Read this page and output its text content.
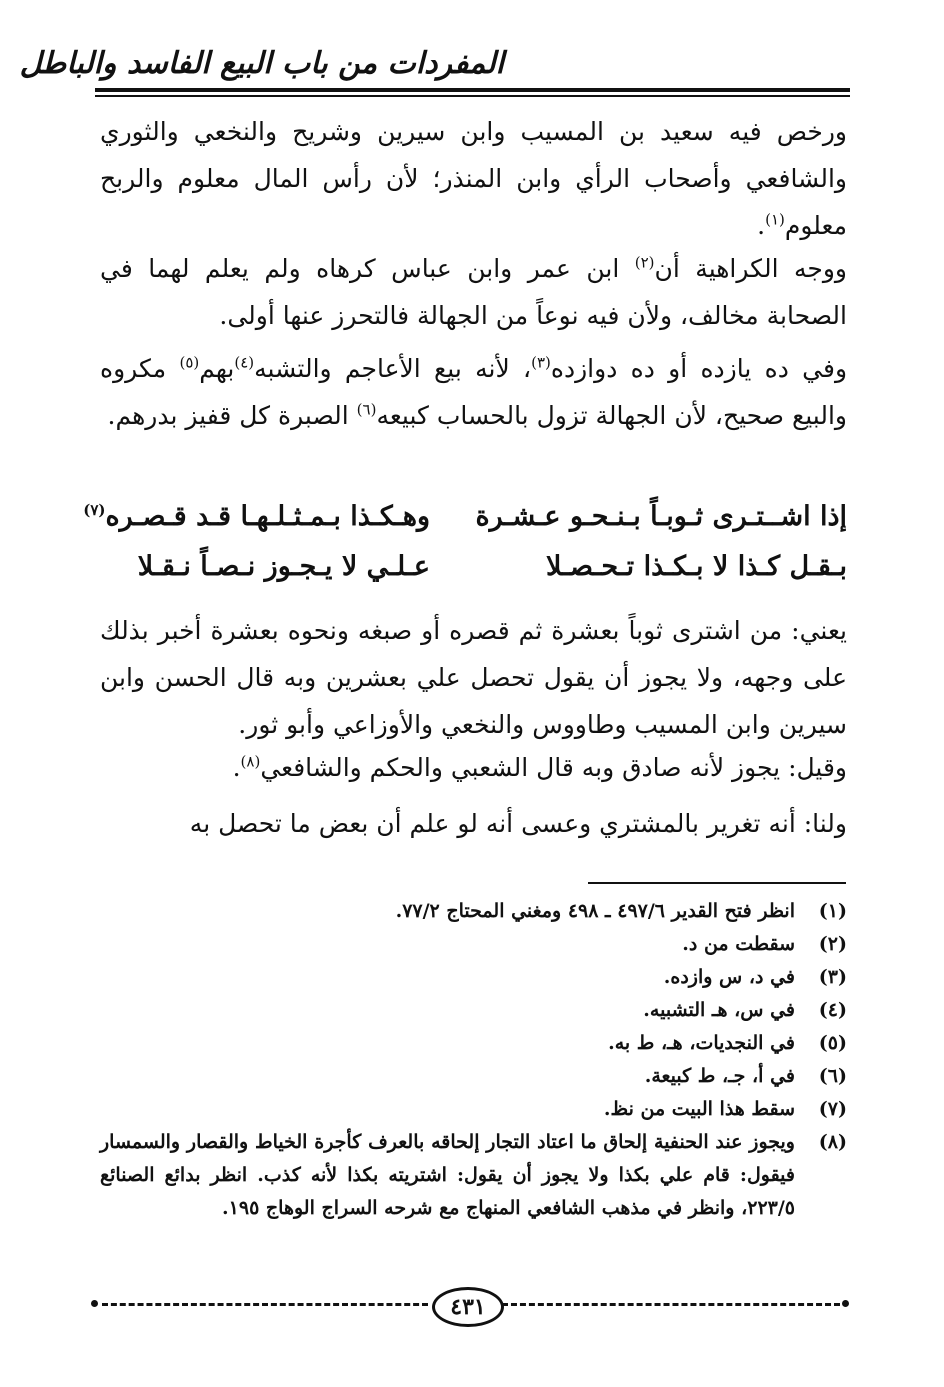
المفردات من باب البيع الفاسد والباطل

ورخص فيه سعيد بن المسيب وابن سيرين وشريح والنخعي والثوري والشافعي وأصحاب الرأي وابن المنذر؛ لأن رأس المال معلوم والربح معلوم$^{(١)}$.

ووجه الكراهية أن$^{(٢)}$ ابن عمر وابن عباس كرهاه ولم يعلم لهما في الصحابة مخالف، ولأن فيه نوعاً من الجهالة فالتحرز عنها أولى.

وفي ده يازده أو ده دوازده$^{(٣)}$، لأنه بيع الأعاجم والتشبه$^{(٤)}$بهم$^{(٥)}$ مكروه والبيع صحيح، لأن الجهالة تزول بالحساب كبيعه$^{(٦)}$ الصبرة كل قفيز بدرهم.

إذا اشــتـرى ثـوبـاً بـنـحـو عـشـرة
وهـكـذا بـمـثـلـهـا قـد قـصـره$^{(٧)}$
بـقـل كـذا لا بـكـذا تـحـصـلا
عـلـي لا يـجـوز نـصـاً نـقـلا

يعني: من اشترى ثوباً بعشرة ثم قصره أو صبغه ونحوه بعشرة أخبر بذلك على وجهه، ولا يجوز أن يقول تحصل علي بعشرين وبه قال الحسن وابن سيرين وابن المسيب وطاووس والنخعي والأوزاعي وأبو ثور.

وقيل: يجوز لأنه صادق وبه قال الشعبي والحكم والشافعي$^{(٨)}$.

ولنا: أنه تغرير بالمشتري وعسى أنه لو علم أن بعض ما تحصل به

(١)
انظر فتح القدير ٤٩٧/٦ ـ ٤٩٨ ومغني المحتاج ٧٧/٢.
(٢)
سقطت من د.
(٣)
في د، س وازده.
(٤)
في س، هـ التشبيه.
(٥)
في النجديات، هـ، ط به.
(٦)
في أ، جـ، ط كبيعة.
(٧)
سقط هذا البيت من نظ.
(٨)
ويجوز عند الحنفية إلحاق ما اعتاد التجار إلحاقه بالعرف كأجرة الخياط والقصار والسمسار فيقول: قام علي بكذا ولا يجوز أن يقول: اشتريته بكذا لأنه كذب. انظر بدائع الصنائع ٢٢٣/٥، وانظر في مذهب الشافعي المنهاج مع شرحه السراج الوهاج ١٩٥.
٤٣١
